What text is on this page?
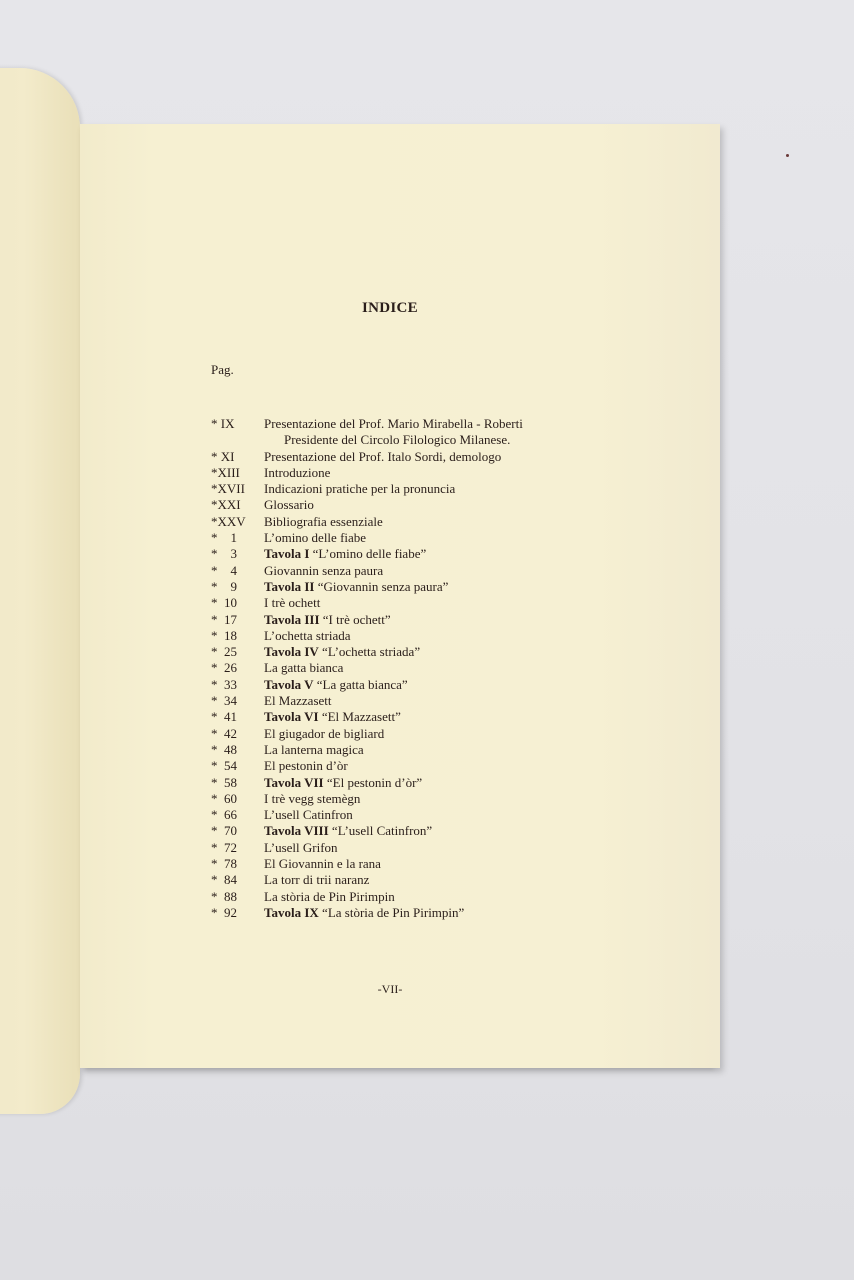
INDICE
Pag.
* IX	Presentazione del Prof. Mario Mirabella - Roberti
Presidente del Circolo Filologico Milanese.
* XI	Presentazione del Prof. Italo Sordi, demologo
*XIII	Introduzione
*XVII	Indicazioni pratiche per la pronuncia
*XXI	Glossario
*XXV	Bibliografia essenziale
*    1	L’omino delle fiabe
*    3	Tavola I “L’omino delle fiabe”
*    4	Giovannin senza paura
*    9	Tavola II “Giovannin senza paura”
*  10	I trè ochett
*  17	Tavola III “I trè ochett”
*  18	L’ochetta striada
*  25	Tavola IV “L’ochetta striada”
*  26	La gatta bianca
*  33	Tavola V “La gatta bianca”
*  34	El Mazzasett
*  41	Tavola VI “El Mazzasett”
*  42	El giugador de bigliard
*  48	La lanterna magica
*  54	El pestonin d’òr
*  58	Tavola VII “El pestonin d’òr”
*  60	I trè vegg stemègn
*  66	L’usell Catinfron
*  70	Tavola VIII “L’usell Catinfron”
*  72	L’usell Grifon
*  78	El Giovannin e la rana
*  84	La torr di trii naranz
*  88	La stòria de Pin Pirimpin
*  92	Tavola IX “La stòria de Pin Pirimpin”
-VII-
